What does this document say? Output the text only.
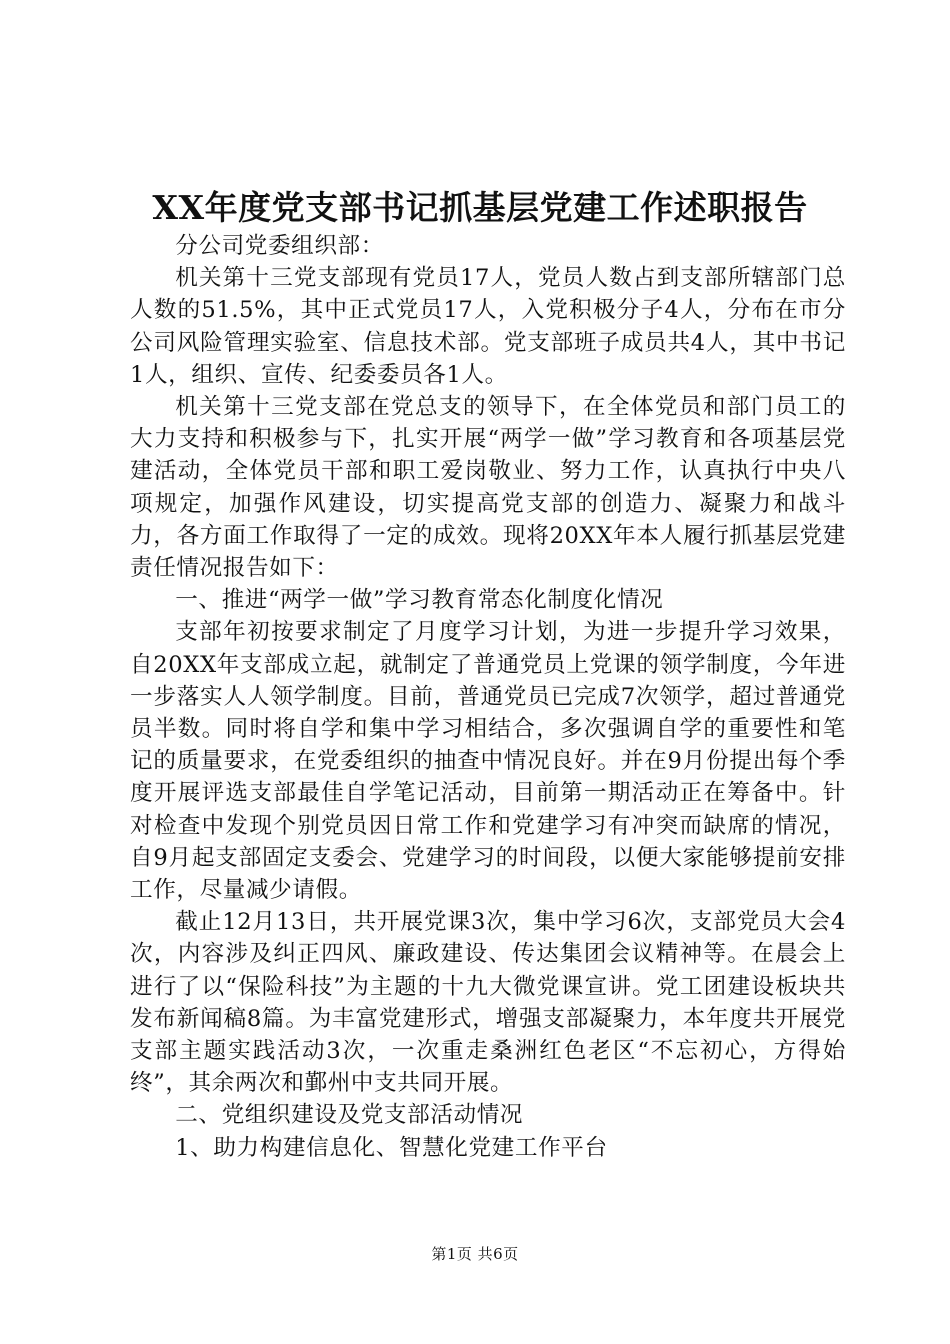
XX年度党支部书记抓基层党建工作述职报告

分公司党委组织部：

机关第十三党支部现有党员17人，党员人数占到支部所辖部门总人数的51.5%，其中正式党员17人，入党积极分子4人，分布在市分公司风险管理实验室、信息技术部。党支部班子成员共4人，其中书记1人，组织、宣传、纪委委员各1人。

机关第十三党支部在党总支的领导下，在全体党员和部门员工的大力支持和积极参与下，扎实开展“两学一做”学习教育和各项基层党建活动，全体党员干部和职工爱岗敬业、努力工作，认真执行中央八项规定，加强作风建设，切实提高党支部的创造力、凝聚力和战斗力，各方面工作取得了一定的成效。现将20XX年本人履行抓基层党建责任情况报告如下：

一、推进“两学一做”学习教育常态化制度化情况

支部年初按要求制定了月度学习计划，为进一步提升学习效果，自20XX年支部成立起，就制定了普通党员上党课的领学制度，今年进一步落实人人领学制度。目前，普通党员已完成7次领学，超过普通党员半数。同时将自学和集中学习相结合，多次强调自学的重要性和笔记的质量要求，在党委组织的抽查中情况良好。并在9月份提出每个季度开展评选支部最佳自学笔记活动，目前第一期活动正在筹备中。针对检查中发现个别党员因日常工作和党建学习有冲突而缺席的情况，自9月起支部固定支委会、党建学习的时间段，以便大家能够提前安排工作，尽量减少请假。

截止12月13日，共开展党课3次，集中学习6次，支部党员大会4次，内容涉及纠正四风、廉政建设、传达集团会议精神等。在晨会上进行了以“保险科技”为主题的十九大微党课宣讲。党工团建设板块共发布新闻稿8篇。为丰富党建形式，增强支部凝聚力，本年度共开展党支部主题实践活动3次，一次重走桑洲红色老区“不忘初心，方得始终”，其余两次和鄞州中支共同开展。

二、党组织建设及党支部活动情况

1、助力构建信息化、智慧化党建工作平台

第1页 共6页
